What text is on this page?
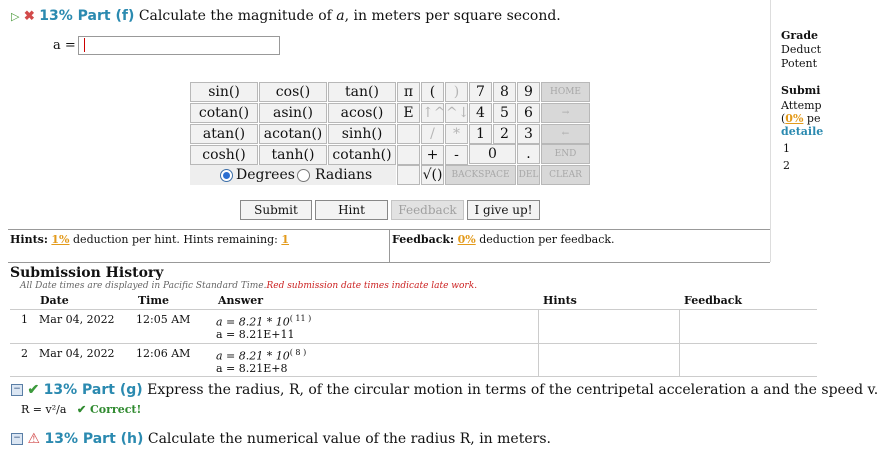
▷ ✖ 13% Part (f) Calculate the magnitude of a, in meters per square second.
a =
sin()	cos()	tan()
cotan()	asin()	acos()
atan()	acotan()	sinh()
cosh()	tanh()	cotanh()
π	(	)
E ↑^ ^↓
/	*
+	-
√()
7	8	9
4	5	6
1	2	3
0	.
HOME
→
←
END
BACKSPACE	DEL	CLEAR
Degrees Radians
Submit	Hint	Feedback	I give up!
Hints: 1% deduction per hint. Hints remaining: 1	Feedback: 0% deduction per feedback.
Submission History
All Date times are displayed in Pacific Standard Time.Red submission date times indicate late work.
Date	Time	Answer	Hints	Feedback
1 Mar 04, 2022 12:05 AM $a = 8.21 * 10^{( 11 )}$
a = 8.21E+11
2 Mar 04, 2022 12:06 AM $a = 8.21 * 10^{( 8 )}$
a = 8.21E+8
− ✔ 13% Part (g) Express the radius, R, of the circular motion in terms of the centripetal acceleration a and the speed v.
R = v²/a ✔ Correct!
− ⚠ 13% Part (h) Calculate the numerical value of the radius R, in meters.
Grade
Deduct
Potent
Submi
Attemp
(0% pe
detaile
1
2
